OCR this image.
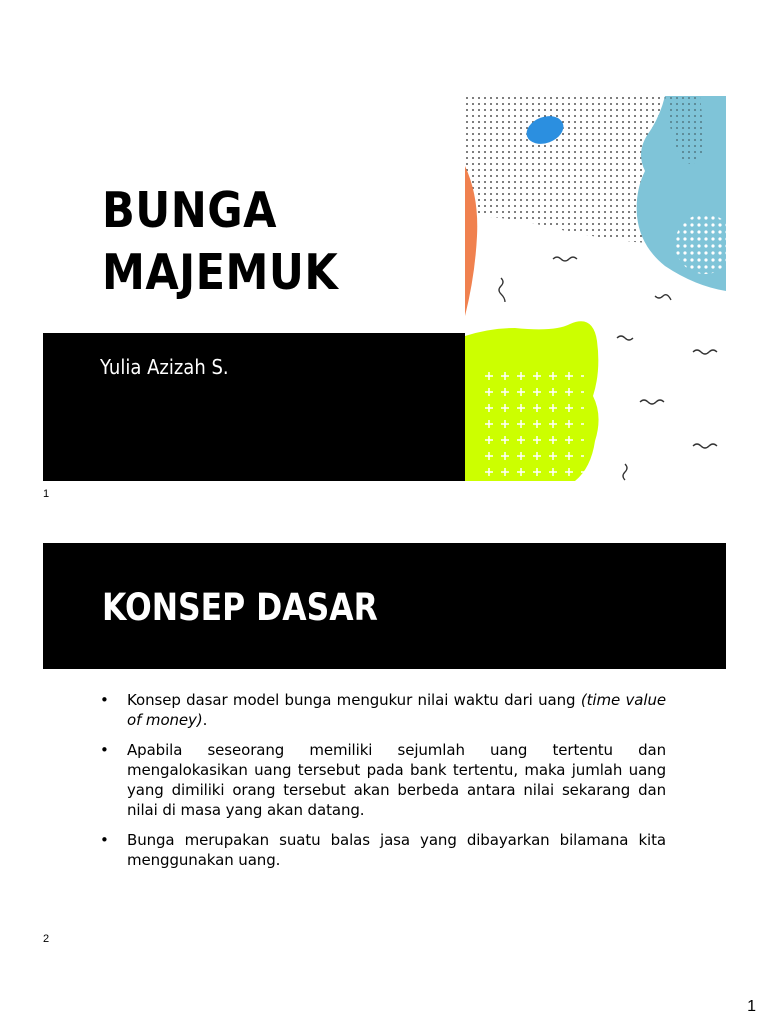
BUNGA
MAJEMUK
Yulia Azizah S.
1
KONSEP DASAR
• Konsep dasar model bunga mengukur nilai waktu dari uang (time value of money).
• Apabila seseorang memiliki sejumlah uang tertentu dan mengalokasikan uang tersebut pada bank tertentu, maka jumlah uang yang dimiliki orang tersebut akan berbeda antara nilai sekarang dan nilai di masa yang akan datang.
• Bunga merupakan suatu balas jasa yang dibayarkan bilamana kita menggunakan uang.
2
1
